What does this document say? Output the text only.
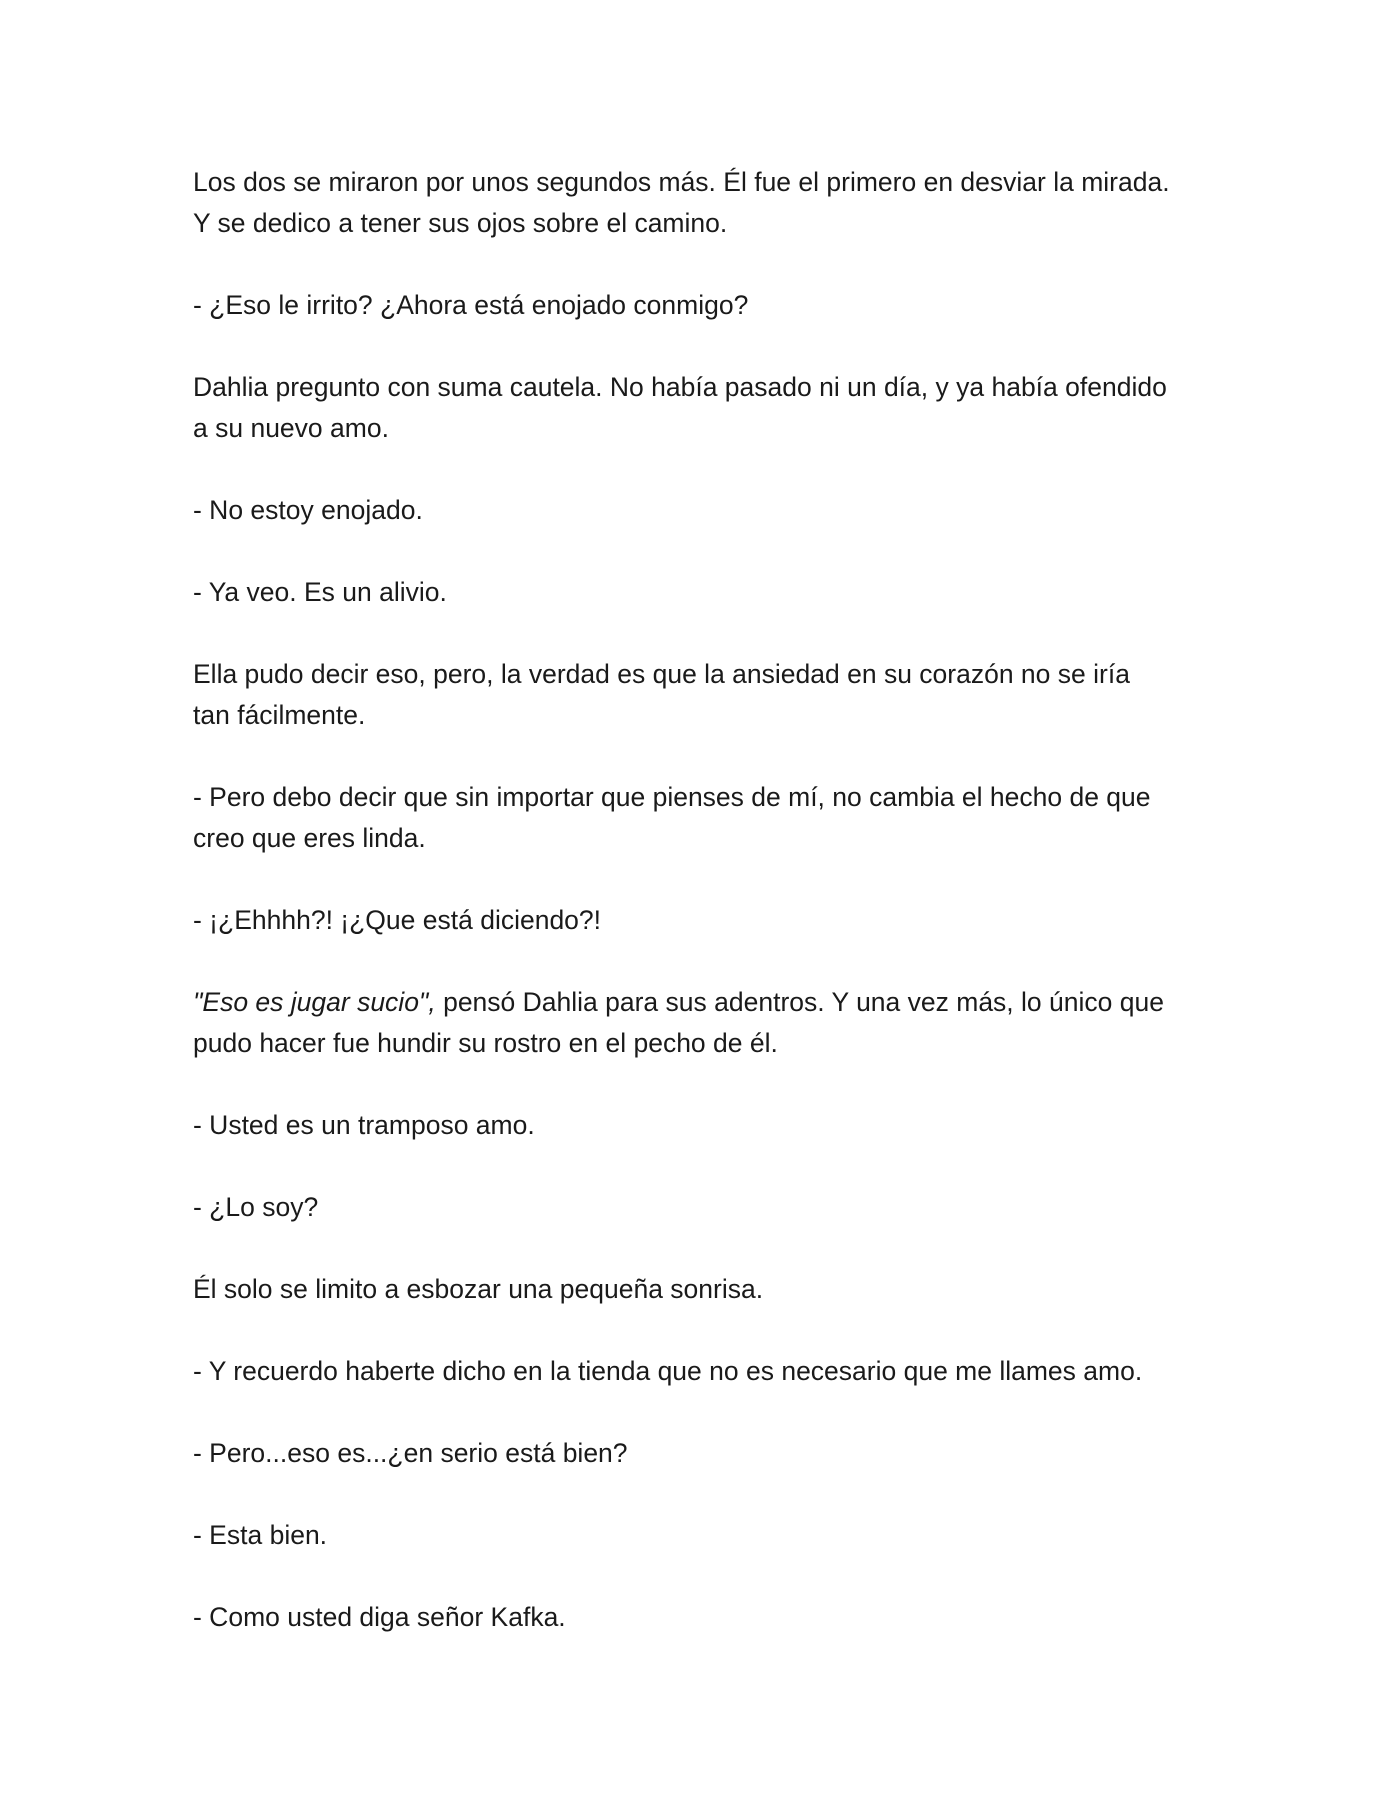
Los dos se miraron por unos segundos más. Él fue el primero en desviar la mirada.
Y se dedico a tener sus ojos sobre el camino.

- ¿Eso le irrito? ¿Ahora está enojado conmigo?

Dahlia pregunto con suma cautela. No había pasado ni un día, y ya había ofendido
a su nuevo amo.

- No estoy enojado.

- Ya veo. Es un alivio.

Ella pudo decir eso, pero, la verdad es que la ansiedad en su corazón no se iría
tan fácilmente.

- Pero debo decir que sin importar que pienses de mí, no cambia el hecho de que
creo que eres linda.

- ¡¿Ehhhh?! ¡¿Que está diciendo?!

"Eso es jugar sucio", pensó Dahlia para sus adentros. Y una vez más, lo único que
pudo hacer fue hundir su rostro en el pecho de él.

- Usted es un tramposo amo.

- ¿Lo soy?

Él solo se limito a esbozar una pequeña sonrisa.

- Y recuerdo haberte dicho en la tienda que no es necesario que me llames amo.

- Pero...eso es...¿en serio está bien?

- Esta bien.

- Como usted diga señor Kafka.
